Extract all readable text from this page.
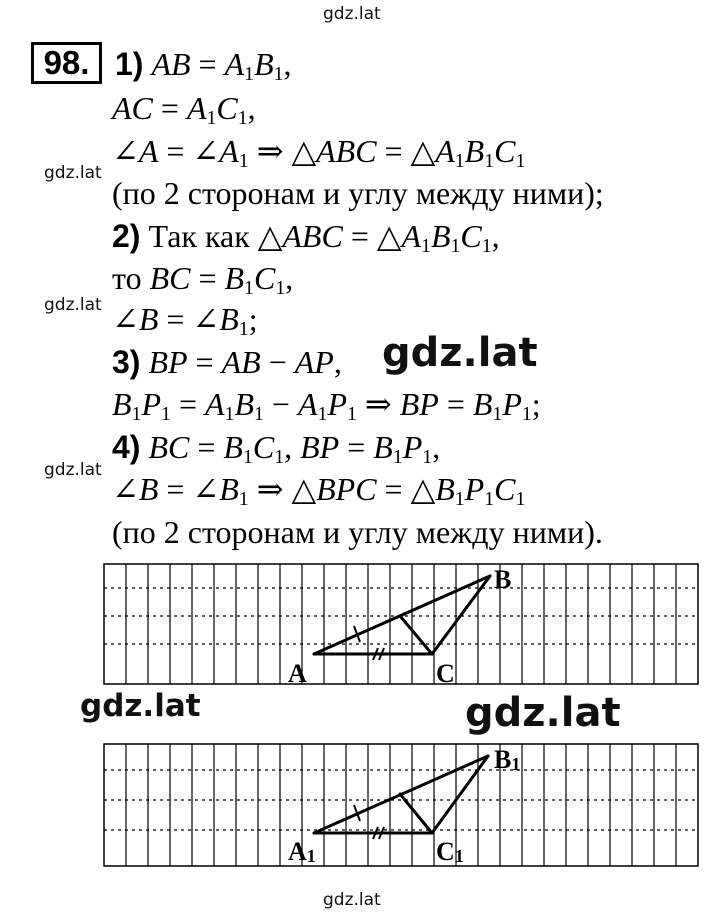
gdz.lat
gdz.lat
gdz.lat
gdz.lat
gdz.lat
gdz.lat	gdz.lat
gdz.lat
98. 1) AB = $A_1B_1$,
AC = $A_1C_1$,
∠A = $\angle A_1$ ⇒ △ABC = $\triangle A_1B_1C_1$
(по 2 сторонам и углу между ними);
2) Так как △ABC = $\triangle A_1B_1C_1$,
то BC = $B_1C_1$,
∠B = $\angle B_1$;
3) BP = AB − AP,
$B_1P_1 = A_1B_1 - A_1P_1$ ⇒ BP = $B_1P_1$;
4) BC = $B_1C_1$, BP = $B_1P_1$,
∠B = $\angle B_1$ ⇒ △BPC = $\triangle B_1P_1C_1$
(по 2 сторонам и углу между ними).
A
B
C
A1
B1
C1
